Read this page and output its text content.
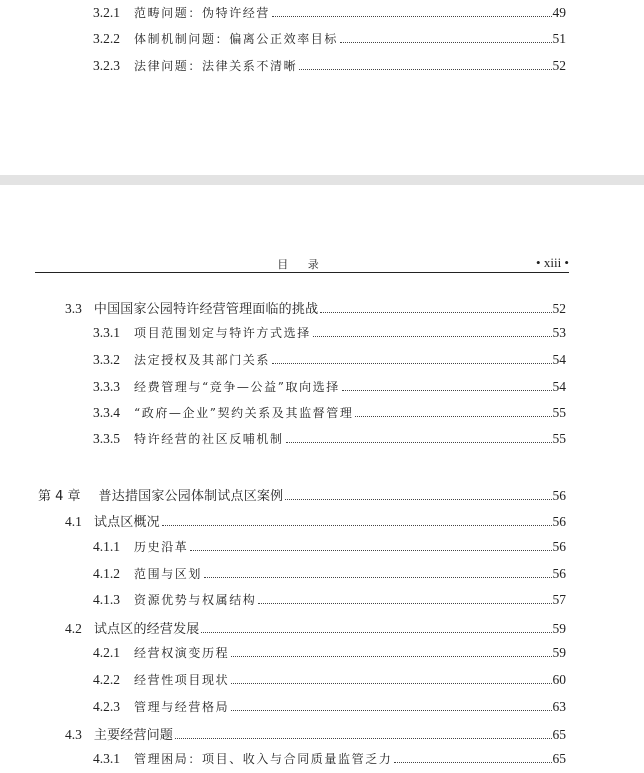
3.2.1 范畴问题：伪特许经营	49
3.2.2 体制机制问题：偏离公正效率目标	51
3.2.3 法律问题：法律关系不清晰	52
目 录	• xiii •
3.3 中国国家公园特许经营管理面临的挑战	52
3.3.1 项目范围划定与特许方式选择	53
3.3.2 法定授权及其部门关系	54
3.3.3 经费管理与“竞争—公益”取向选择	54
3.3.4 “政府—企业”契约关系及其监督管理	55
3.3.5 特许经营的社区反哺机制	55
第 4 章 普达措国家公园体制试点区案例	56
4.1 试点区概况	56
4.1.1 历史沿革	56
4.1.2 范围与区划	56
4.1.3 资源优势与权属结构	57
4.2 试点区的经营发展	59
4.2.1 经营权演变历程	59
4.2.2 经营性项目现状	60
4.2.3 管理与经营格局	63
4.3 主要经营问题	65
4.3.1 管理困局：项目、收入与合同质量监管乏力	65
